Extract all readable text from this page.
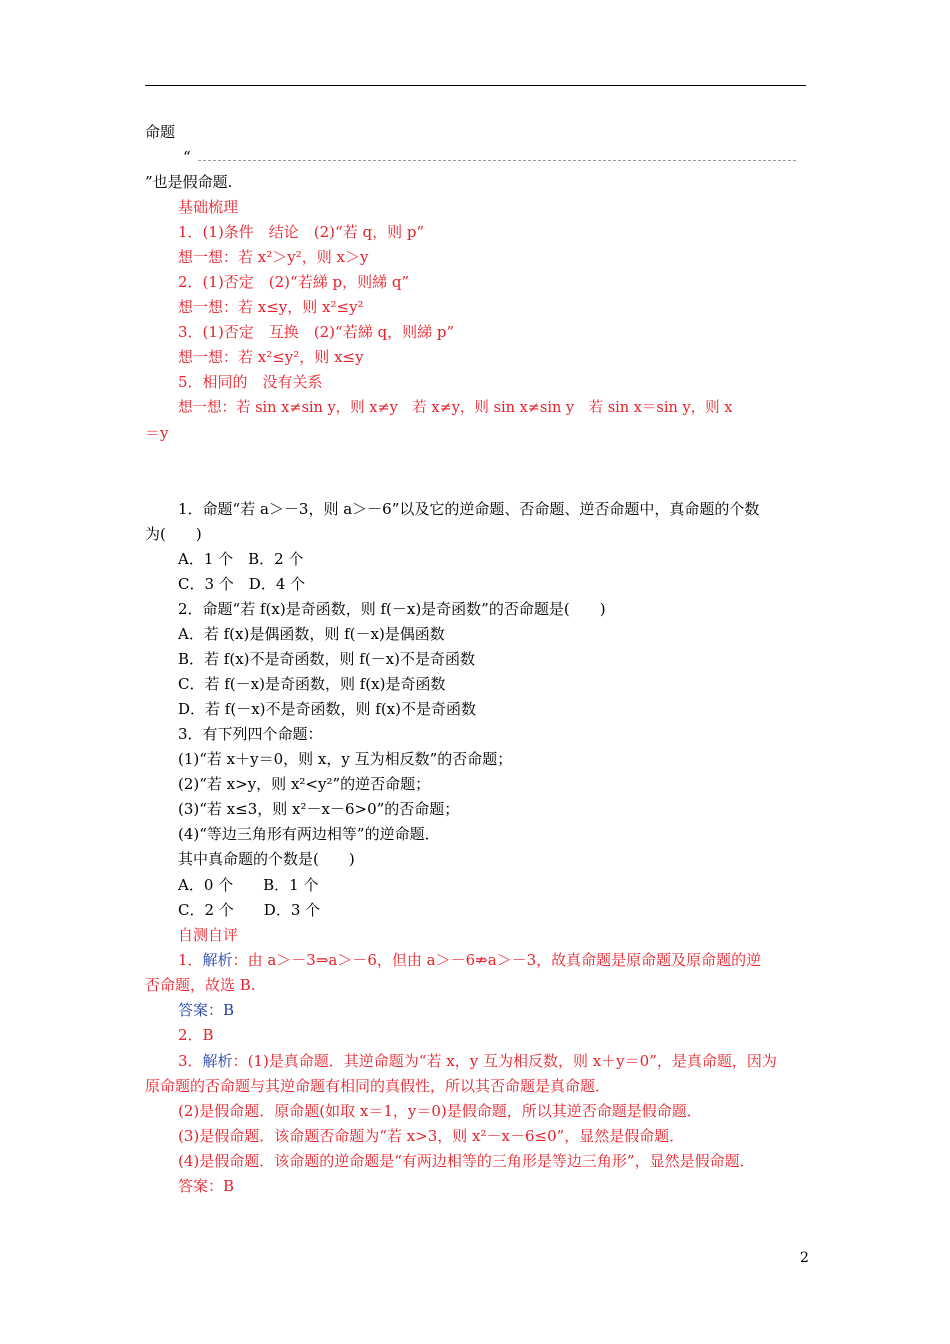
命题
“
”也是假命题.
基础梳理
1．(1)条件　结论　(2)“若 q，则 p”
想一想：若 x²＞y²，则 x＞y
2．(1)否定　(2)“若綈 p，则綈 q”
想一想：若 x≤y，则 x²≤y²
3．(1)否定　互换　(2)“若綈 q，则綈 p”
想一想：若 x²≤y²，则 x≤y
5．相同的　没有关系
想一想：若 sin x≠sin y，则 x≠y　若 x≠y，则 sin x≠sin y　若 sin x＝sin y，则 x
＝y
1．命题“若 a＞－3，则 a＞－6”以及它的逆命题、否命题、逆否命题中，真命题的个数
为(　　)
A．1 个　B．2 个
C．3 个　D．4 个
2．命题“若 f(x)是奇函数，则 f(－x)是奇函数”的否命题是(　　)
A．若 f(x)是偶函数，则 f(－x)是偶函数
B．若 f(x)不是奇函数，则 f(－x)不是奇函数
C．若 f(－x)是奇函数，则 f(x)是奇函数
D．若 f(－x)不是奇函数，则 f(x)不是奇函数
3．有下列四个命题：
(1)“若 x＋y＝0，则 x，y 互为相反数”的否命题；
(2)“若 x>y，则 x²<y²”的逆否命题；
(3)“若 x≤3，则 x²－x－6>0”的否命题；
(4)“等边三角形有两边相等”的逆命题．
其中真命题的个数是(　　)
A．0 个　　B．1 个
C．2 个　　D．3 个
自测自评
1．解析：由 a＞－3⇒a＞－6，但由 a＞－6⇏a＞－3，故真命题是原命题及原命题的逆
否命题，故选 B.
答案：B
2．B
3．解析：(1)是真命题．其逆命题为“若 x，y 互为相反数，则 x＋y＝0”，是真命题，因为
原命题的否命题与其逆命题有相同的真假性，所以其否命题是真命题．
(2)是假命题．原命题(如取 x＝1，y＝0)是假命题，所以其逆否命题是假命题．
(3)是假命题．该命题否命题为“若 x>3，则 x²－x－6≤0”，显然是假命题．
(4)是假命题．该命题的逆命题是“有两边相等的三角形是等边三角形”，显然是假命题．
答案：B
2
